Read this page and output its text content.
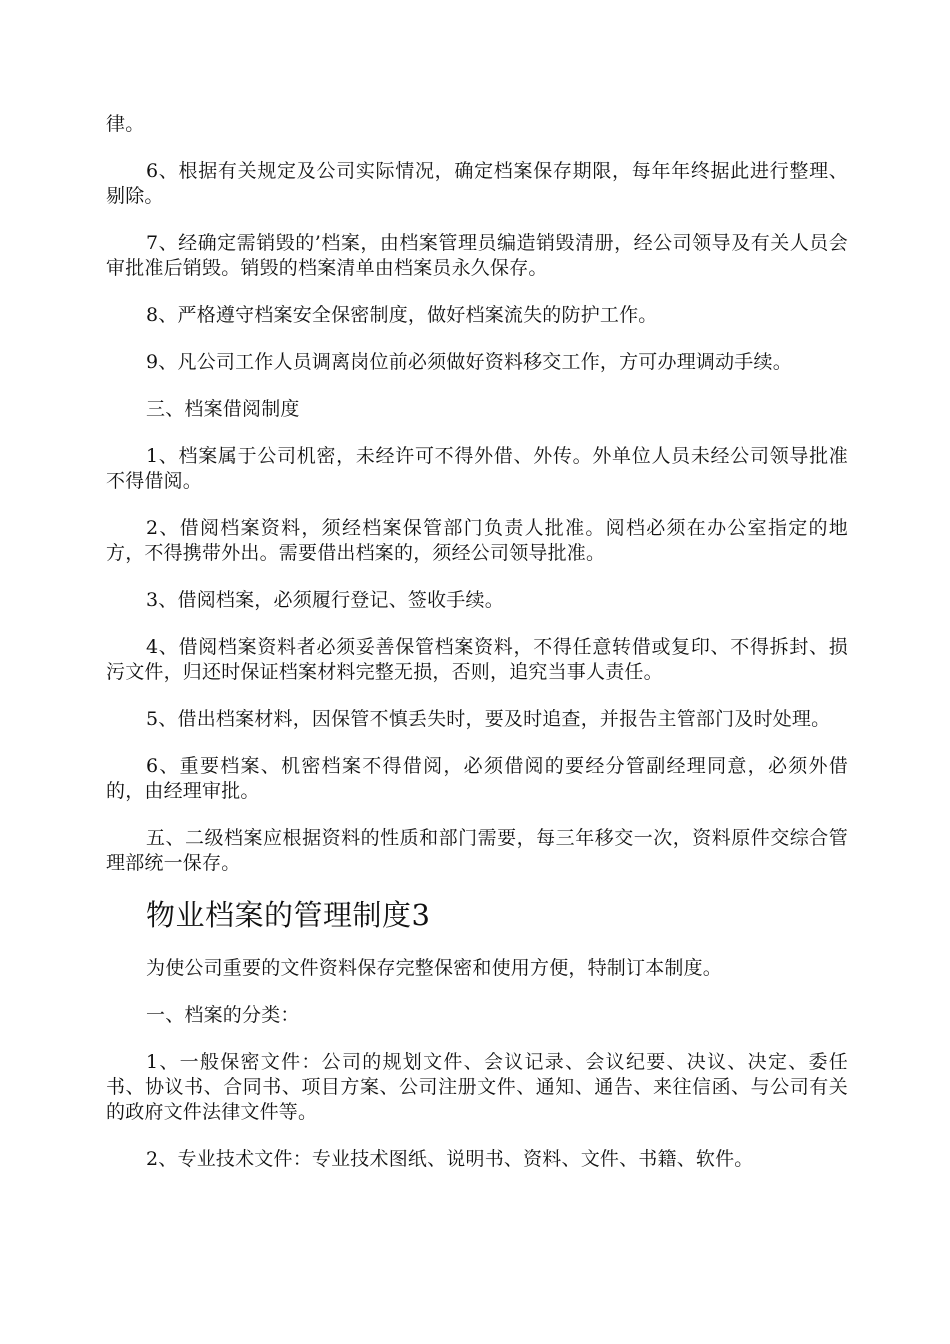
律。

6、根据有关规定及公司实际情况，确定档案保存期限，每年年终据此进行整理、剔除。

7、经确定需销毁的’档案，由档案管理员编造销毁清册，经公司领导及有关人员会审批准后销毁。销毁的档案清单由档案员永久保存。

8、严格遵守档案安全保密制度，做好档案流失的防护工作。

9、凡公司工作人员调离岗位前必须做好资料移交工作，方可办理调动手续。

三、档案借阅制度

1、档案属于公司机密，未经许可不得外借、外传。外单位人员未经公司领导批准不得借阅。

2、借阅档案资料，须经档案保管部门负责人批准。阅档必须在办公室指定的地方，不得携带外出。需要借出档案的，须经公司领导批准。

3、借阅档案，必须履行登记、签收手续。

4、借阅档案资料者必须妥善保管档案资料，不得任意转借或复印、不得拆封、损污文件，归还时保证档案材料完整无损，否则，追究当事人责任。

5、借出档案材料，因保管不慎丢失时，要及时追查，并报告主管部门及时处理。

6、重要档案、机密档案不得借阅，必须借阅的要经分管副经理同意，必须外借的，由经理审批。

五、二级档案应根据资料的性质和部门需要，每三年移交一次，资料原件交综合管理部统一保存。

物业档案的管理制度3

为使公司重要的文件资料保存完整保密和使用方便，特制订本制度。

一、档案的分类：

1、一般保密文件：公司的规划文件、会议记录、会议纪要、决议、决定、委任书、协议书、合同书、项目方案、公司注册文件、通知、通告、来往信函、与公司有关的政府文件法律文件等。

2、专业技术文件：专业技术图纸、说明书、资料、文件、书籍、软件。
